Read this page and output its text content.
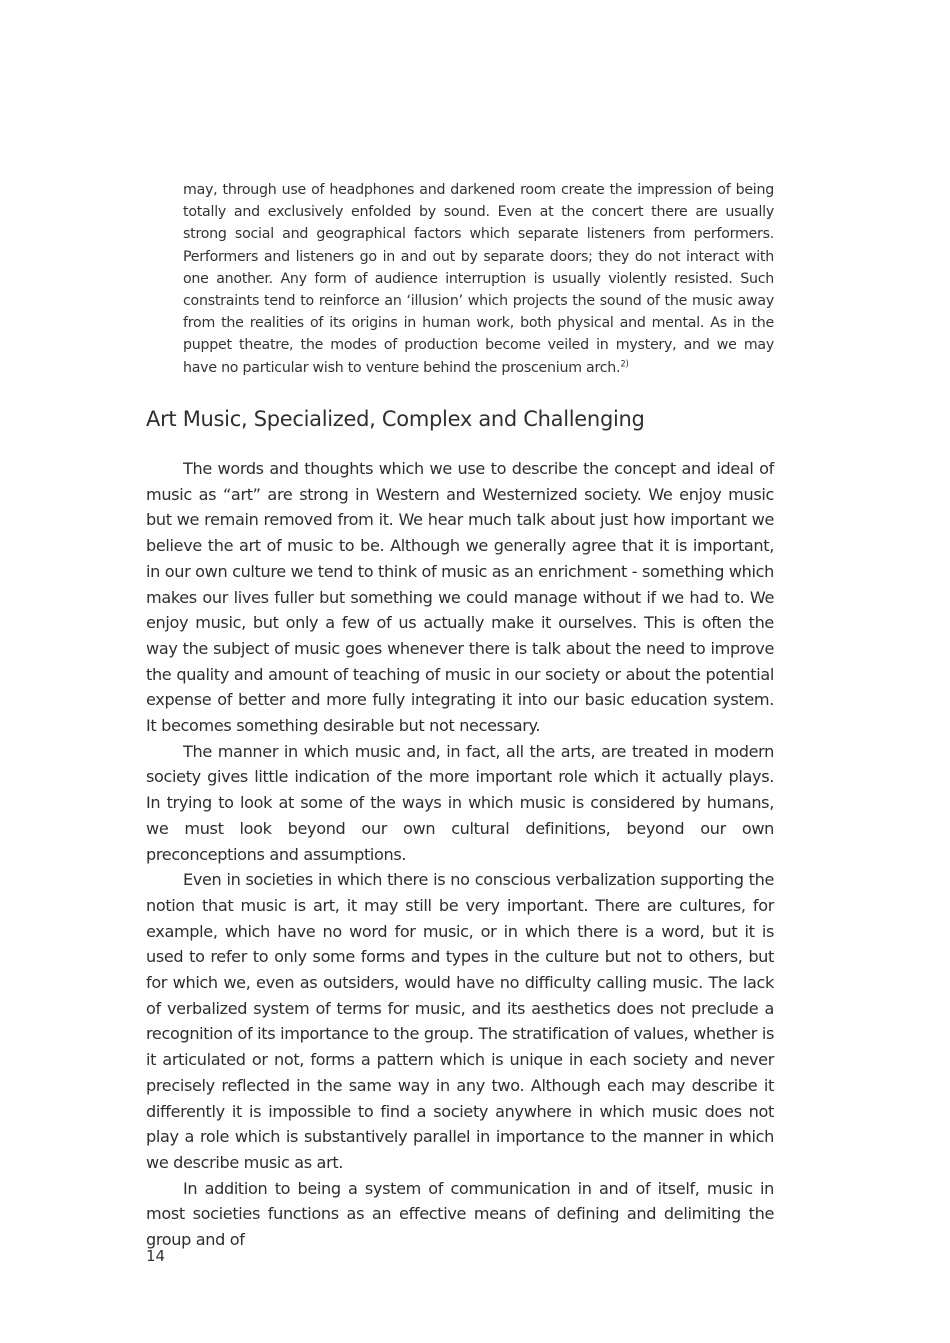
may, through use of headphones and darkened room create the impression of being totally and exclusively enfolded by sound. Even at the concert there are usually strong social and geographical factors which separate listeners from performers. Performers and listeners go in and out by separate doors; they do not interact with one another. Any form of audience interruption is usually violently resisted. Such constraints tend to reinforce an ‘illusion’ which projects the sound of the music away from the realities of its origins in human work, both physical and mental. As in the puppet theatre, the modes of production become veiled in mystery, and we may have no particular wish to venture behind the proscenium arch.$^{2)}$

Art Music, Specialized, Complex and Challenging

The words and thoughts which we use to describe the concept and ideal of music as “art” are strong in Western and Westernized society. We enjoy music but we remain removed from it. We hear much talk about just how important we believe the art of music to be. Although we generally agree that it is important, in our own culture we tend to think of music as an enrichment - something which makes our lives fuller but something we could manage without if we had to. We enjoy music, but only a few of us actually make it ourselves. This is often the way the subject of music goes whenever there is talk about the need to improve the quality and amount of teaching of music in our society or about the potential expense of better and more fully integrating it into our basic education system. It becomes something desirable but not necessary.

The manner in which music and, in fact, all the arts, are treated in modern society gives little indication of the more important role which it actually plays. In trying to look at some of the ways in which music is considered by humans, we must look beyond our own cultural definitions, beyond our own preconceptions and assumptions.

Even in societies in which there is no conscious verbalization supporting the notion that music is art, it may still be very important. There are cultures, for example, which have no word for music, or in which there is a word, but it is used to refer to only some forms and types in the culture but not to others, but for which we, even as outsiders, would have no difficulty calling music. The lack of verbalized system of terms for music, and its aesthetics does not preclude a recognition of its importance to the group. The stratification of values, whether is it articulated or not, forms a pattern which is unique in each society and never precisely reflected in the same way in any two. Although each may describe it differently it is impossible to find a society anywhere in which music does not play a role which is substantively parallel in importance to the manner in which we describe music as art.

In addition to being a system of communication in and of itself, music in most societies functions as an effective means of defining and delimiting the group and of

14
